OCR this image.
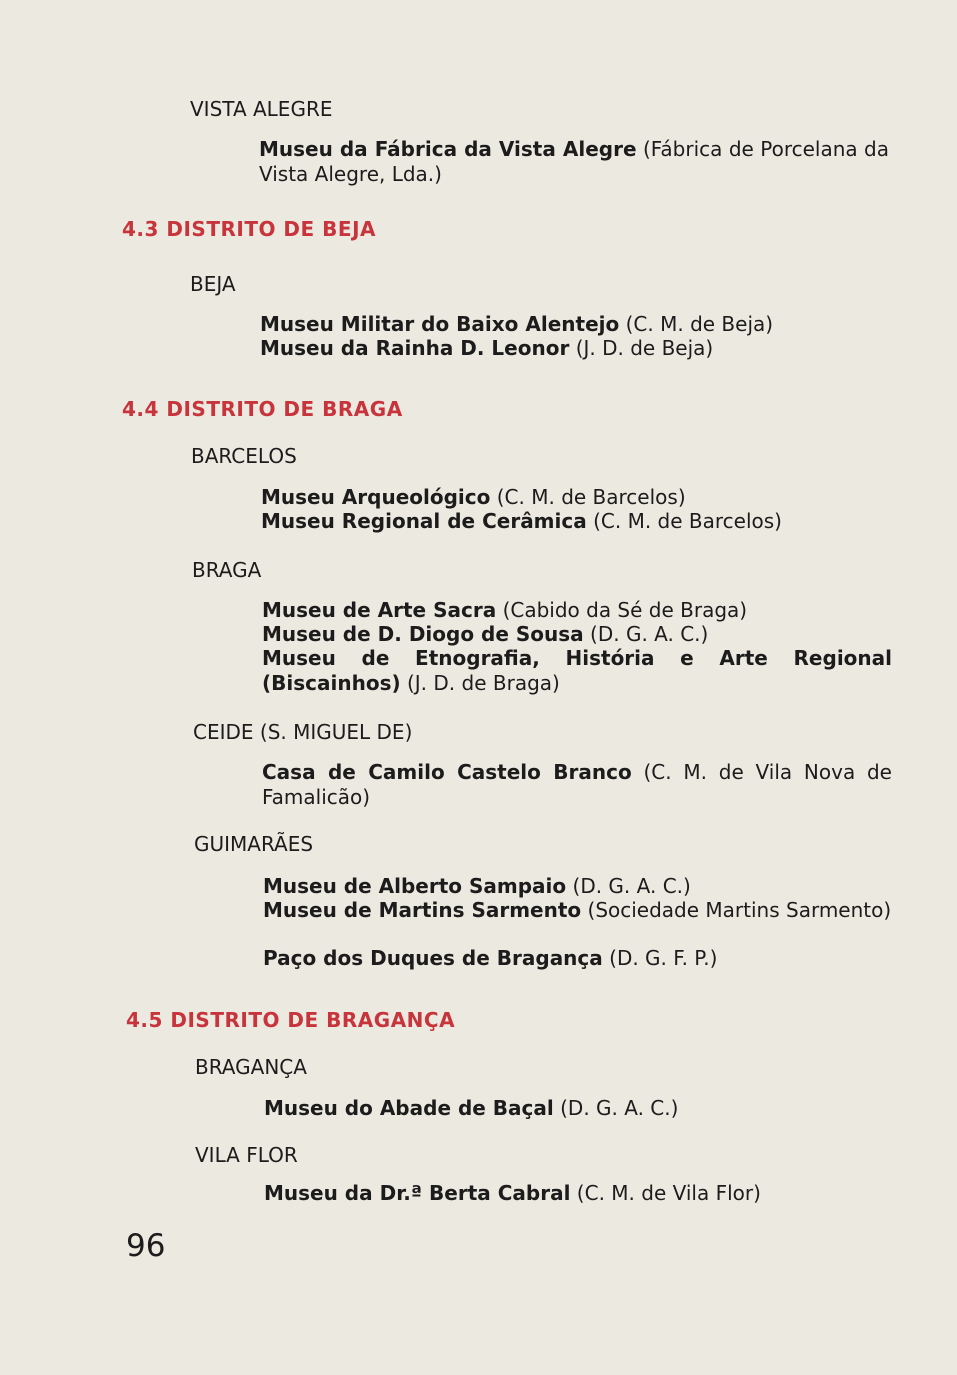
VISTA ALEGRE
Museu da Fábrica da Vista Alegre (Fábrica de Porcelana da Vista Alegre, Lda.)
4.3 DISTRITO DE BEJA
BEJA
Museu Militar do Baixo Alentejo (C. M. de Beja)
Museu da Rainha D. Leonor (J. D. de Beja)
4.4 DISTRITO DE BRAGA
BARCELOS
Museu Arqueológico (C. M. de Barcelos)
Museu Regional de Cerâmica (C. M. de Barcelos)
BRAGA
Museu de Arte Sacra (Cabido da Sé de Braga)
Museu de D. Diogo de Sousa (D. G. A. C.)
Museu de Etnografia, História e Arte Regional (Biscainhos) (J. D. de Braga)
CEIDE (S. MIGUEL DE)
Casa de Camilo Castelo Branco (C. M. de Vila Nova de Famalicão)
GUIMARÃES
Museu de Alberto Sampaio (D. G. A. C.)
Museu de Martins Sarmento (Sociedade Martins Sarmento)
Paço dos Duques de Bragança (D. G. F. P.)
4.5 DISTRITO DE BRAGANÇA
BRAGANÇA
Museu do Abade de Baçal (D. G. A. C.)
VILA FLOR
Museu da Dr.ª Berta Cabral (C. M. de Vila Flor)
96
